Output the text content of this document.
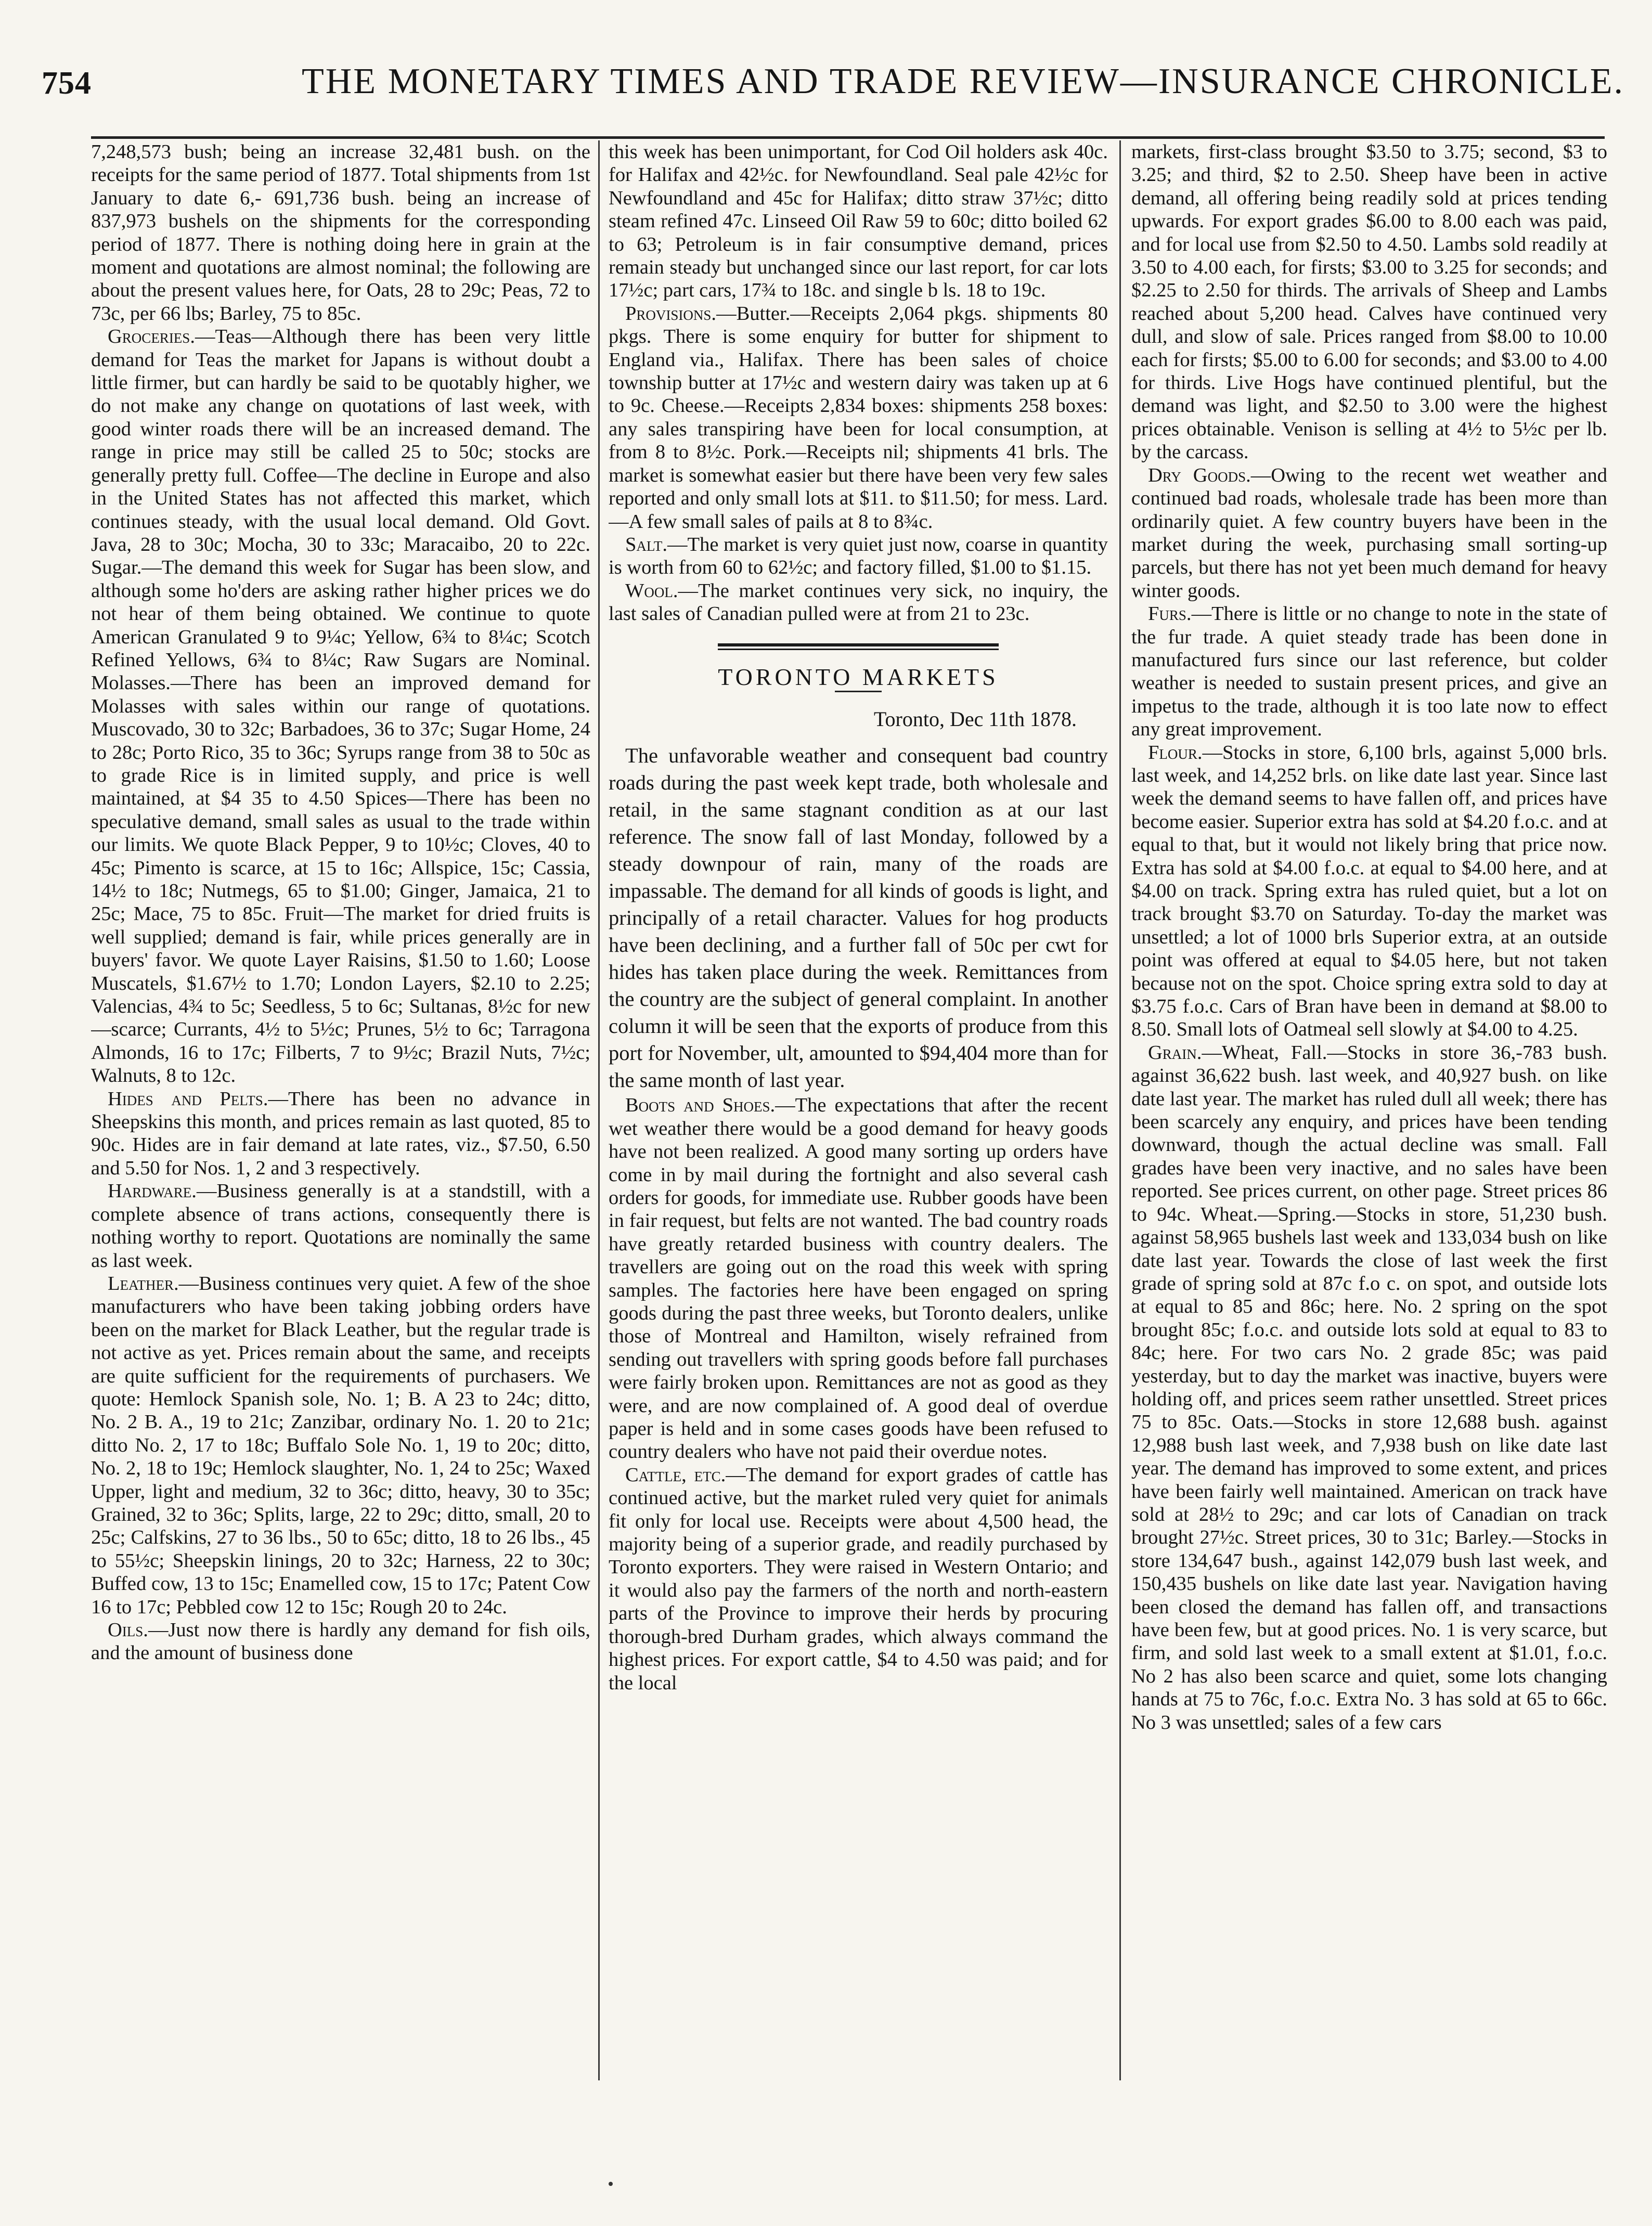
754	THE MONETARY TIMES AND TRADE REVIEW—INSURANCE CHRONICLE.

7,248,573 bush; being an increase 32,481 bush. on the receipts for the same period of 1877. Total shipments from 1st January to date 6,- 691,736 bush. being an increase of 837,973 bushels on the shipments for the corresponding period of 1877. There is nothing doing here in grain at the moment and quotations are almost nominal; the following are about the present values here, for Oats, 28 to 29c; Peas, 72 to 73c, per 66 lbs; Barley, 75 to 85c.

Groceries.—Teas—Although there has been very little demand for Teas the market for Japans is without doubt a little firmer, but can hardly be said to be quotably higher, we do not make any change on quotations of last week, with good winter roads there will be an increased demand. The range in price may still be called 25 to 50c; stocks are generally pretty full. Coffee—The decline in Europe and also in the United States has not affected this market, which continues steady, with the usual local demand. Old Govt. Java, 28 to 30c; Mocha, 30 to 33c; Maracaibo, 20 to 22c. Sugar.—The demand this week for Sugar has been slow, and although some ho'ders are asking rather higher prices we do not hear of them being obtained. We continue to quote American Granulated 9 to 9¼c; Yellow, 6¾ to 8¼c; Scotch Refined Yellows, 6¾ to 8¼c; Raw Sugars are Nominal. Molasses.—There has been an improved demand for Molasses with sales within our range of quotations. Muscovado, 30 to 32c; Barbadoes, 36 to 37c; Sugar Home, 24 to 28c; Porto Rico, 35 to 36c; Syrups range from 38 to 50c as to grade Rice is in limited supply, and price is well maintained, at $4 35 to 4.50 Spices—There has been no speculative demand, small sales as usual to the trade within our limits. We quote Black Pepper, 9 to 10½c; Cloves, 40 to 45c; Pimento is scarce, at 15 to 16c; Allspice, 15c; Cassia, 14½ to 18c; Nutmegs, 65 to $1.00; Ginger, Jamaica, 21 to 25c; Mace, 75 to 85c. Fruit—The market for dried fruits is well supplied; demand is fair, while prices generally are in buyers' favor. We quote Layer Raisins, $1.50 to 1.60; Loose Muscatels, $1.67½ to 1.70; London Layers, $2.10 to 2.25; Valencias, 4¾ to 5c; Seedless, 5 to 6c; Sultanas, 8½c for new—scarce; Currants, 4½ to 5½c; Prunes, 5½ to 6c; Tarragona Almonds, 16 to 17c; Filberts, 7 to 9½c; Brazil Nuts, 7½c; Walnuts, 8 to 12c.

Hides and Pelts.—There has been no advance in Sheepskins this month, and prices remain as last quoted, 85 to 90c. Hides are in fair demand at late rates, viz., $7.50, 6.50 and 5.50 for Nos. 1, 2 and 3 respectively.

Hardware.—Business generally is at a standstill, with a complete absence of trans actions, consequently there is nothing worthy to report. Quotations are nominally the same as last week.

Leather.—Business continues very quiet. A few of the shoe manufacturers who have been taking jobbing orders have been on the market for Black Leather, but the regular trade is not active as yet. Prices remain about the same, and receipts are quite sufficient for the requirements of purchasers. We quote: Hemlock Spanish sole, No. 1; B. A 23 to 24c; ditto, No. 2 B. A., 19 to 21c; Zanzibar, ordinary No. 1. 20 to 21c; ditto No. 2, 17 to 18c; Buffalo Sole No. 1, 19 to 20c; ditto, No. 2, 18 to 19c; Hemlock slaughter, No. 1, 24 to 25c; Waxed Upper, light and medium, 32 to 36c; ditto, heavy, 30 to 35c; Grained, 32 to 36c; Splits, large, 22 to 29c; ditto, small, 20 to 25c; Calfskins, 27 to 36 lbs., 50 to 65c; ditto, 18 to 26 lbs., 45 to 55½c; Sheepskin linings, 20 to 32c; Harness, 22 to 30c; Buffed cow, 13 to 15c; Enamelled cow, 15 to 17c; Patent Cow 16 to 17c; Pebbled cow 12 to 15c; Rough 20 to 24c.

Oils.—Just now there is hardly any demand for fish oils, and the amount of business done

this week has been unimportant, for Cod Oil holders ask 40c. for Halifax and 42½c. for Newfoundland. Seal pale 42½c for Newfoundland and 45c for Halifax; ditto straw 37½c; ditto steam refined 47c. Linseed Oil Raw 59 to 60c; ditto boiled 62 to 63; Petroleum is in fair consumptive demand, prices remain steady but unchanged since our last report, for car lots 17½c; part cars, 17¾ to 18c. and single b ls. 18 to 19c.

Provisions.—Butter.—Receipts 2,064 pkgs. shipments 80 pkgs. There is some enquiry for butter for shipment to England via., Halifax. There has been sales of choice township butter at 17½c and western dairy was taken up at 6 to 9c. Cheese.—Receipts 2,834 boxes: shipments 258 boxes: any sales transpiring have been for local consumption, at from 8 to 8½c. Pork.—Receipts nil; shipments 41 brls. The market is somewhat easier but there have been very few sales reported and only small lots at $11. to $11.50; for mess. Lard.—A few small sales of pails at 8 to 8¾c.

Salt.—The market is very quiet just now, coarse in quantity is worth from 60 to 62½c; and factory filled, $1.00 to $1.15.

Wool.—The market continues very sick, no inquiry, the last sales of Canadian pulled were at from 21 to 23c.

TORONTO MARKETS

Toronto, Dec 11th 1878.

The unfavorable weather and consequent bad country roads during the past week kept trade, both wholesale and retail, in the same stagnant condition as at our last reference. The snow fall of last Monday, followed by a steady downpour of rain, many of the roads are impassable. The demand for all kinds of goods is light, and principally of a retail character. Values for hog products have been declining, and a further fall of 50c per cwt for hides has taken place during the week. Remittances from the country are the subject of general complaint. In another column it will be seen that the exports of produce from this port for November, ult, amounted to $94,404 more than for the same month of last year.

Boots and Shoes.—The expectations that after the recent wet weather there would be a good demand for heavy goods have not been realized. A good many sorting up orders have come in by mail during the fortnight and also several cash orders for goods, for immediate use. Rubber goods have been in fair request, but felts are not wanted. The bad country roads have greatly retarded business with country dealers. The travellers are going out on the road this week with spring samples. The factories here have been engaged on spring goods during the past three weeks, but Toronto dealers, unlike those of Montreal and Hamilton, wisely refrained from sending out travellers with spring goods before fall purchases were fairly broken upon. Remittances are not as good as they were, and are now complained of. A good deal of overdue paper is held and in some cases goods have been refused to country dealers who have not paid their overdue notes.

Cattle, etc.—The demand for export grades of cattle has continued active, but the market ruled very quiet for animals fit only for local use. Receipts were about 4,500 head, the majority being of a superior grade, and readily purchased by Toronto exporters. They were raised in Western Ontario; and it would also pay the farmers of the north and north-eastern parts of the Province to improve their herds by procuring thorough-bred Durham grades, which always command the highest prices. For export cattle, $4 to 4.50 was paid; and for the local

markets, first-class brought $3.50 to 3.75; second, $3 to 3.25; and third, $2 to 2.50. Sheep have been in active demand, all offering being readily sold at prices tending upwards. For export grades $6.00 to 8.00 each was paid, and for local use from $2.50 to 4.50. Lambs sold readily at 3.50 to 4.00 each, for firsts; $3.00 to 3.25 for seconds; and $2.25 to 2.50 for thirds. The arrivals of Sheep and Lambs reached about 5,200 head. Calves have continued very dull, and slow of sale. Prices ranged from $8.00 to 10.00 each for firsts; $5.00 to 6.00 for seconds; and $3.00 to 4.00 for thirds. Live Hogs have continued plentiful, but the demand was light, and $2.50 to 3.00 were the highest prices obtainable. Venison is selling at 4½ to 5½c per lb. by the carcass.

Dry Goods.—Owing to the recent wet weather and continued bad roads, wholesale trade has been more than ordinarily quiet. A few country buyers have been in the market during the week, purchasing small sorting-up parcels, but there has not yet been much demand for heavy winter goods.

Furs.—There is little or no change to note in the state of the fur trade. A quiet steady trade has been done in manufactured furs since our last reference, but colder weather is needed to sustain present prices, and give an impetus to the trade, although it is too late now to effect any great improvement.

Flour.—Stocks in store, 6,100 brls, against 5,000 brls. last week, and 14,252 brls. on like date last year. Since last week the demand seems to have fallen off, and prices have become easier. Superior extra has sold at $4.20 f.o.c. and at equal to that, but it would not likely bring that price now. Extra has sold at $4.00 f.o.c. at equal to $4.00 here, and at $4.00 on track. Spring extra has ruled quiet, but a lot on track brought $3.70 on Saturday. To-day the market was unsettled; a lot of 1000 brls Superior extra, at an outside point was offered at equal to $4.05 here, but not taken because not on the spot. Choice spring extra sold to day at $3.75 f.o.c. Cars of Bran have been in demand at $8.00 to 8.50. Small lots of Oatmeal sell slowly at $4.00 to 4.25.

Grain.—Wheat, Fall.—Stocks in store 36,-783 bush. against 36,622 bush. last week, and 40,927 bush. on like date last year. The market has ruled dull all week; there has been scarcely any enquiry, and prices have been tending downward, though the actual decline was small. Fall grades have been very inactive, and no sales have been reported. See prices current, on other page. Street prices 86 to 94c. Wheat.—Spring.—Stocks in store, 51,230 bush. against 58,965 bushels last week and 133,034 bush on like date last year. Towards the close of last week the first grade of spring sold at 87c f.o c. on spot, and outside lots at equal to 85 and 86c; here. No. 2 spring on the spot brought 85c; f.o.c. and outside lots sold at equal to 83 to 84c; here. For two cars No. 2 grade 85c; was paid yesterday, but to day the market was inactive, buyers were holding off, and prices seem rather unsettled. Street prices 75 to 85c. Oats.—Stocks in store 12,688 bush. against 12,988 bush last week, and 7,938 bush on like date last year. The demand has improved to some extent, and prices have been fairly well maintained. American on track have sold at 28½ to 29c; and car lots of Canadian on track brought 27½c. Street prices, 30 to 31c; Barley.—Stocks in store 134,647 bush., against 142,079 bush last week, and 150,435 bushels on like date last year. Navigation having been closed the demand has fallen off, and transactions have been few, but at good prices. No. 1 is very scarce, but firm, and sold last week to a small extent at $1.01, f.o.c. No 2 has also been scarce and quiet, some lots changing hands at 75 to 76c, f.o.c. Extra No. 3 has sold at 65 to 66c. No 3 was unsettled; sales of a few cars
